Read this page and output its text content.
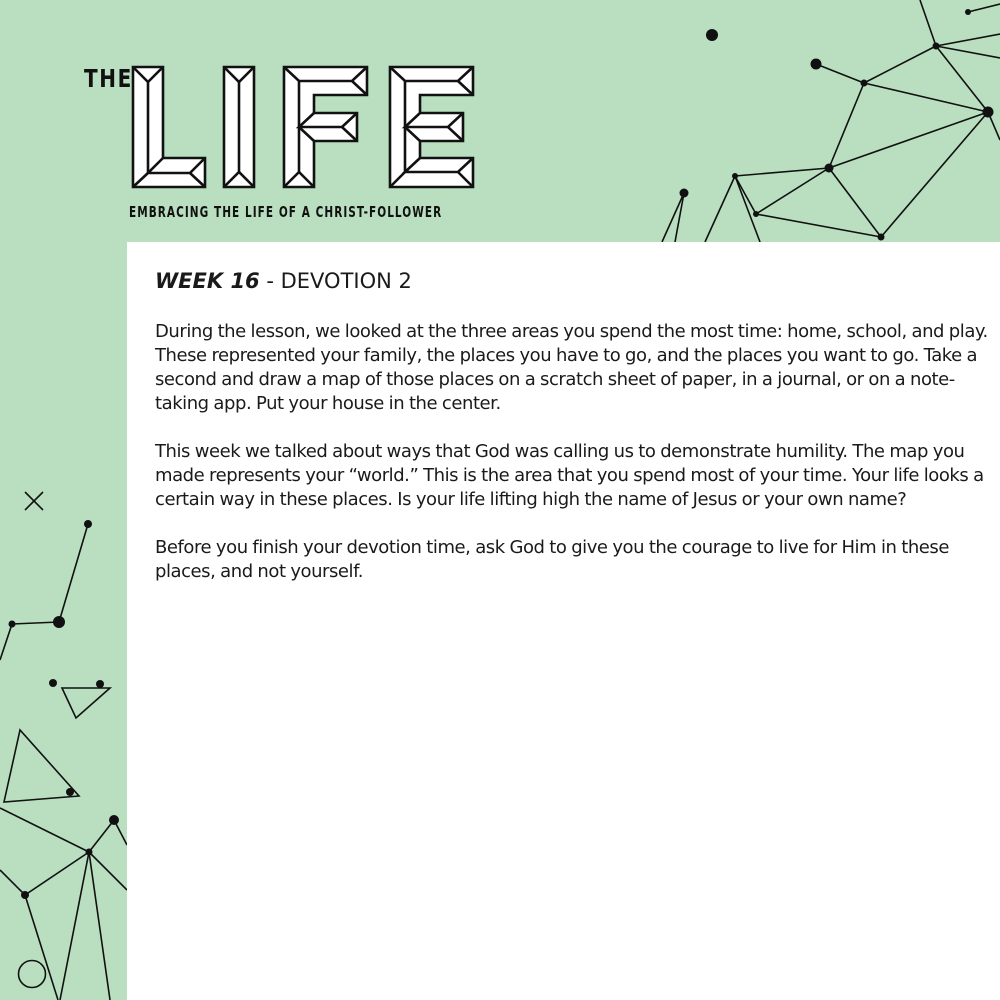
THE
EMBRACING THE LIFE OF A CHRIST-FOLLOWER
WEEK 16 - DEVOTION 2

During the lesson, we looked at the three areas you spend the most time: home, school, and play. These represented your family, the places you have to go, and the places you want to go. Take a second and draw a map of those places on a scratch sheet of paper, in a journal, or on a note-taking app. Put your house in the center.

This week we talked about ways that God was calling us to demonstrate humility. The map you made represents your “world.” This is the area that you spend most of your time. Your life looks a certain way in these places. Is your life lifting high the name of Jesus or your own name?

Before you finish your devotion time, ask God to give you the courage to live for Him in these places, and not yourself.
